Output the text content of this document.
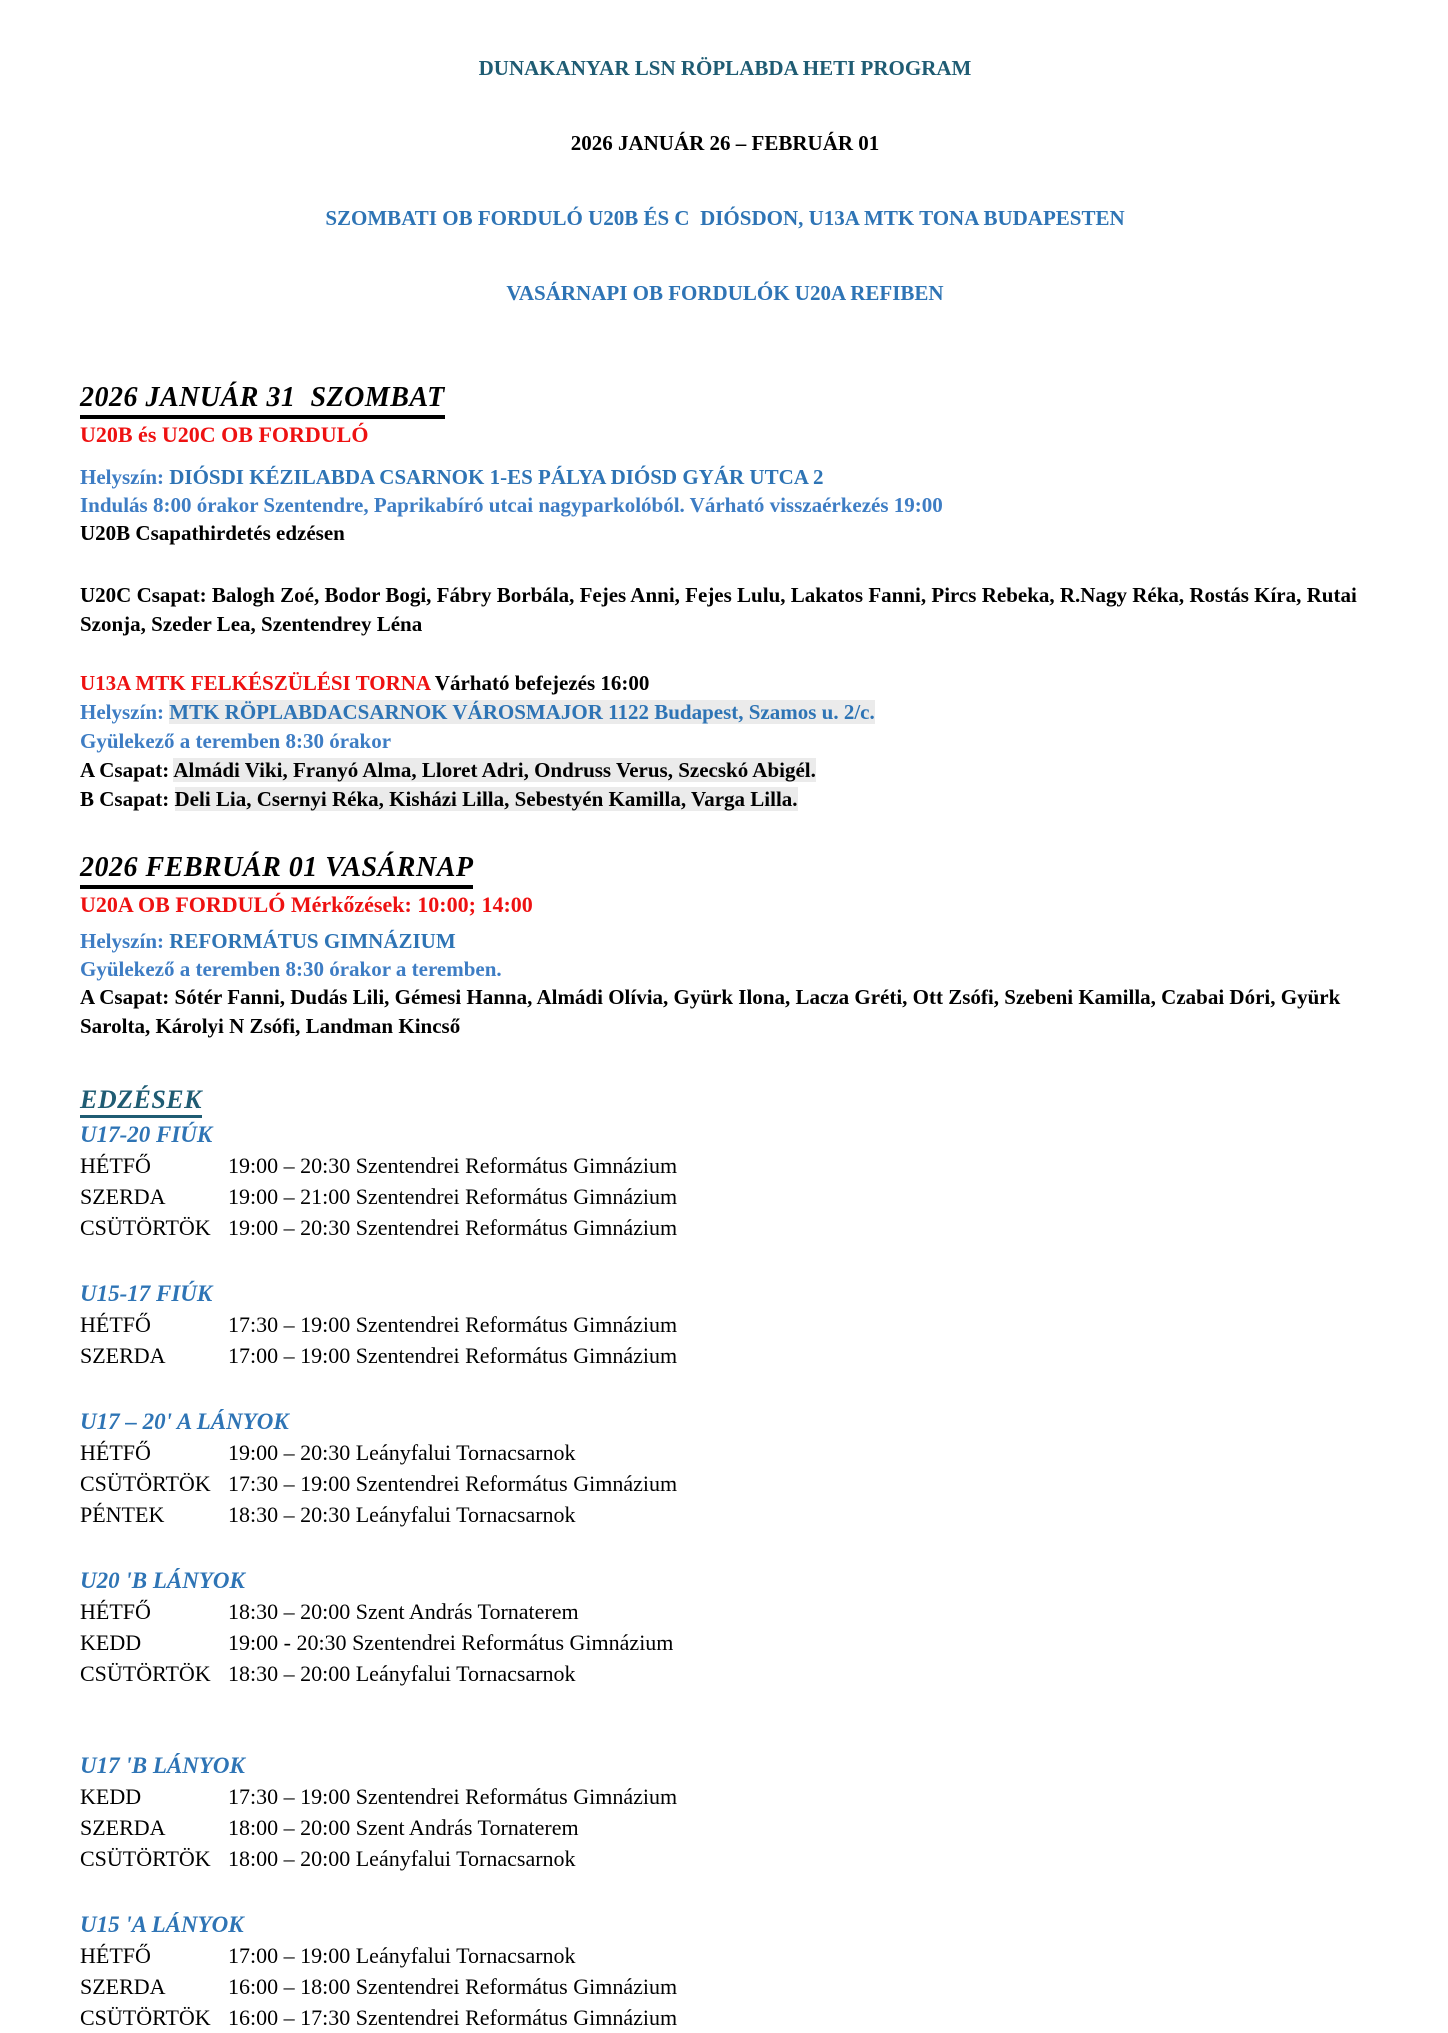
DUNAKANYAR LSN RÖPLABDA HETI PROGRAM

2026 JANUÁR 26 – FEBRUÁR 01

SZOMBATI OB FORDULÓ U20B ÉS C  DIÓSDON, U13A MTK TONA BUDAPESTEN

VASÁRNAPI OB FORDULÓK U20A REFIBEN

2026 JANUÁR 31  SZOMBAT
U20B és U20C OB FORDULÓ

Helyszín: DIÓSDI KÉZILABDA CSARNOK 1-ES PÁLYA DIÓSD GYÁR UTCA 2

Indulás 8:00 órakor Szentendre, Paprikabíró utcai nagyparkolóból. Várható visszaérkezés 19:00

U20B Csapathirdetés edzésen

U20C Csapat: Balogh Zoé, Bodor Bogi, Fábry Borbála, Fejes Anni, Fejes Lulu, Lakatos Fanni, Pircs Rebeka, R.Nagy Réka, Rostás Kíra, Rutai Szonja, Szeder Lea, Szentendrey Léna

U13A MTK FELKÉSZÜLÉSI TORNA Várható befejezés 16:00

Helyszín: MTK RÖPLABDACSARNOK VÁROSMAJOR 1122 Budapest, Szamos u. 2/c.

Gyülekező a teremben 8:30 órakor

A Csapat: Almádi Viki, Franyó Alma, Lloret Adri, Ondruss Verus, Szecskó Abigél.

B Csapat: Deli Lia, Csernyi Réka, Kisházi Lilla, Sebestyén Kamilla, Varga Lilla.

2026 FEBRUÁR 01 VASÁRNAP
U20A OB FORDULÓ Mérkőzések: 10:00; 14:00

Helyszín: REFORMÁTUS GIMNÁZIUM

Gyülekező a teremben 8:30 órakor a teremben.

A Csapat: Sótér Fanni, Dudás Lili, Gémesi Hanna, Almádi Olívia, Gyürk Ilona, Lacza Gréti, Ott Zsófi, Szebeni Kamilla, Czabai Dóri, Gyürk Sarolta, Károlyi N Zsófi, Landman Kincső

EDZÉSEK
U17-20 FIÚK
HÉTFŐ	19:00 – 20:30 Szentendrei Református Gimnázium
SZERDA	19:00 – 21:00 Szentendrei Református Gimnázium
CSÜTÖRTÖK 19:00 – 20:30 Szentendrei Református Gimnázium
U15-17 FIÚK
HÉTFŐ	17:30 – 19:00 Szentendrei Református Gimnázium
SZERDA	17:00 – 19:00 Szentendrei Református Gimnázium
U17 – 20' A LÁNYOK
HÉTFŐ	19:00 – 20:30 Leányfalui Tornacsarnok
CSÜTÖRTÖK 17:30 – 19:00 Szentendrei Református Gimnázium
PÉNTEK	18:30 – 20:30 Leányfalui Tornacsarnok
U20 'B LÁNYOK
HÉTFŐ	18:30 – 20:00 Szent András Tornaterem
KEDD	19:00 - 20:30 Szentendrei Református Gimnázium
CSÜTÖRTÖK 18:30 – 20:00 Leányfalui Tornacsarnok
U17 'B LÁNYOK
KEDD	17:30 – 19:00 Szentendrei Református Gimnázium
SZERDA	18:00 – 20:00 Szent András Tornaterem
CSÜTÖRTÖK 18:00 – 20:00 Leányfalui Tornacsarnok
U15 'A LÁNYOK
HÉTFŐ	17:00 – 19:00 Leányfalui Tornacsarnok
SZERDA	16:00 – 18:00 Szentendrei Református Gimnázium
CSÜTÖRTÖK 16:00 – 17:30 Szentendrei Református Gimnázium
